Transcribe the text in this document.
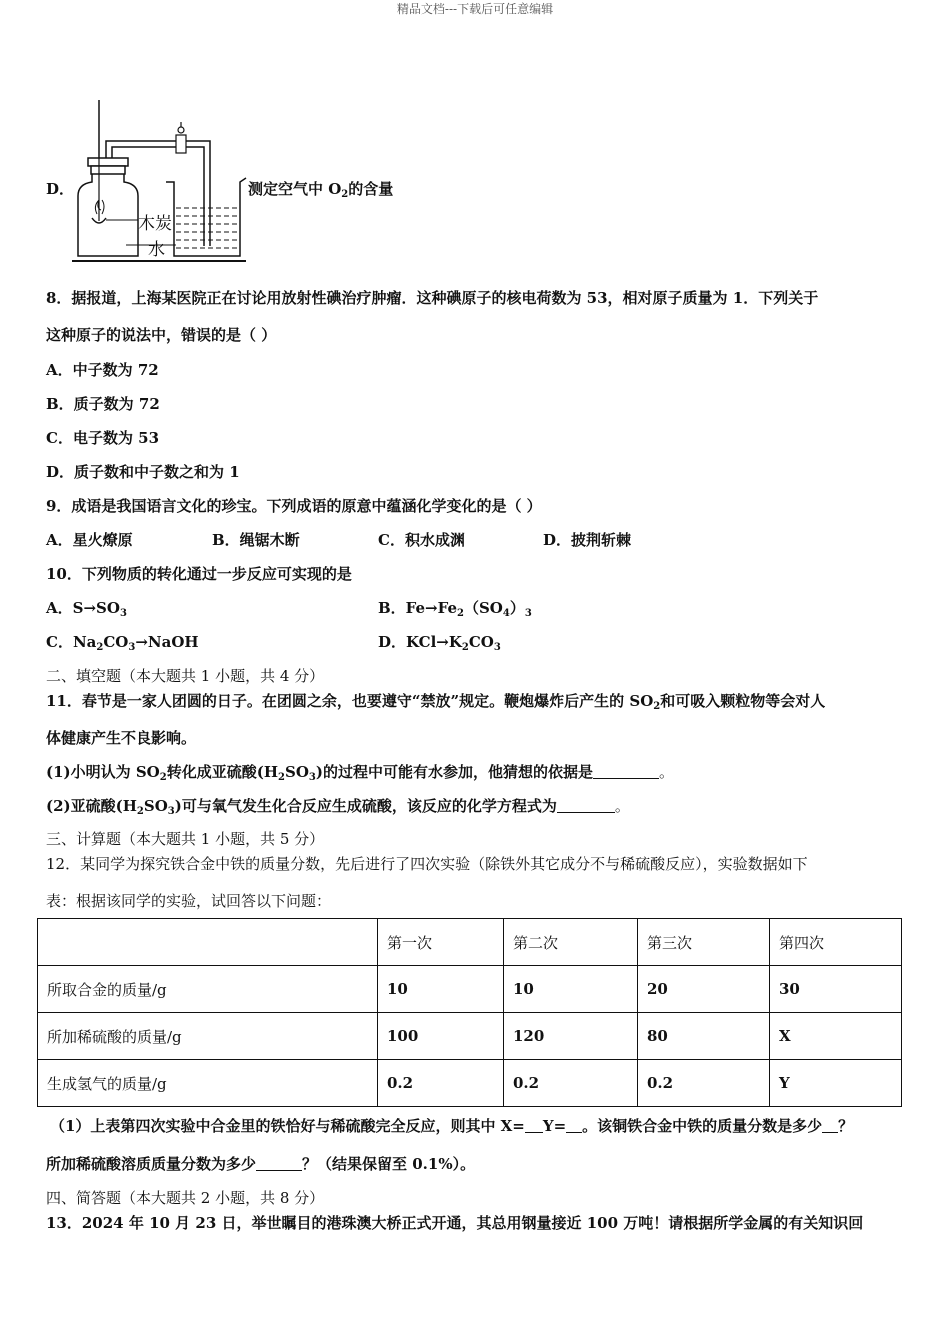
精品文档---下载后可任意编辑
木炭
水
D．	测定空气中 $O_2$的含量
8．据报道，上海某医院正在讨论用放射性碘治疗肿瘤．这种碘原子的核电荷数为 53，相对原子质量为 1．下列关于
这种原子的说法中，错误的是（ ）
A．中子数为 72
B．质子数为 72
C．电子数为 53
D．质子数和中子数之和为 1
9．成语是我国语言文化的珍宝。下列成语的原意中蕴涵化学变化的是（ ）
A．星火燎原	B．绳锯木断	C．积水成渊	D．披荆斩棘
10．下列物质的转化通过一步反应可实现的是
A．$S\to SO_3$	B．$Fe\to Fe_2(SO_4)_3$
C．$Na_2CO_3\to NaOH$	D．$KCl\to K_2CO_3$
二、填空题（本大题共 1 小题，共 4 分）
11．春节是一家人团圆的日子。在团圆之余，也要遵守“禁放”规定。鞭炮爆炸后产生的 $SO_2$和可吸入颗粒物等会对人
体健康产生不良影响。
(1)小明认为 $SO_2$转化成亚硫酸$(H_2SO_3)$的过程中可能有水参加，他猜想的依据是	。
(2)亚硫酸$(H_2SO_3)$可与氧气发生化合反应生成硫酸，该反应的化学方程式为	。
三、计算题（本大题共 1 小题，共 5 分）
12．某同学为探究铁合金中铁的质量分数，先后进行了四次实验（除铁外其它成分不与稀硫酸反应），实验数据如下
表：根据该同学的实验，试回答以下问题：
	第一次	第二次	第三次	第四次
所取合金的质量/g	10	10	20	30
所加稀硫酸的质量/g	100	120	80	X
生成氢气的质量/g	0.2	0.2	0.2	Y
（1）上表第四次实验中合金里的铁恰好与稀硫酸完全反应，则其中 X= Y= 。该铜铁合金中铁的质量分数是多少 ？
所加稀硫酸溶质质量分数为多少	？（结果保留至 0.1%）。
四、简答题（本大题共 2 小题，共 8 分）
13．2024 年 10 月 23 日，举世瞩目的港珠澳大桥正式开通，其总用钢量接近 100 万吨！请根据所学金属的有关知识回
